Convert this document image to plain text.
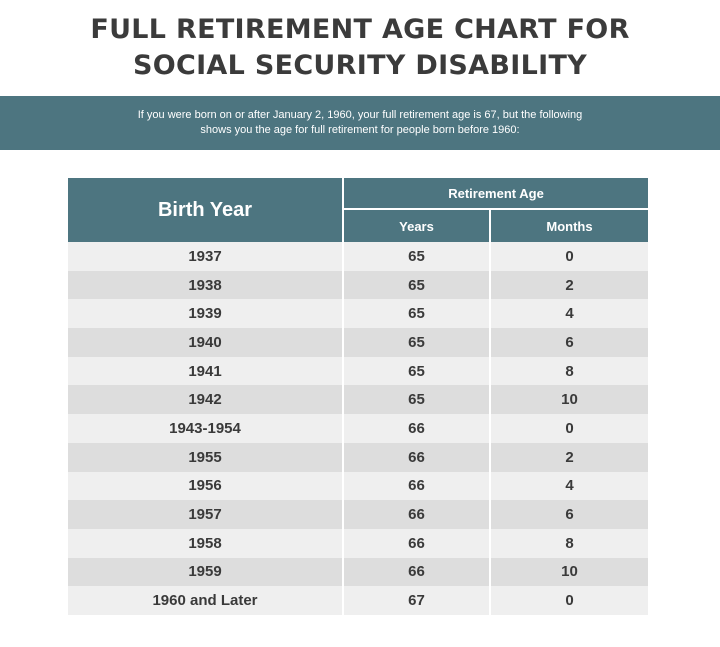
FULL RETIREMENT AGE CHART FOR
SOCIAL SECURITY DISABILITY
If you were born on or after January 2, 1960, your full retirement age is 67, but the following
shows you the age for full retirement for people born before 1960:
Birth Year	Retirement Age	
	Years	Months
1937	65	0
1938	65	2
1939	65	4
1940	65	6
1941	65	8
1942	65	10
1943-1954	66	0
1955	66	2
1956	66	4
1957	66	6
1958	66	8
1959	66	10
1960 and Later	67	0
